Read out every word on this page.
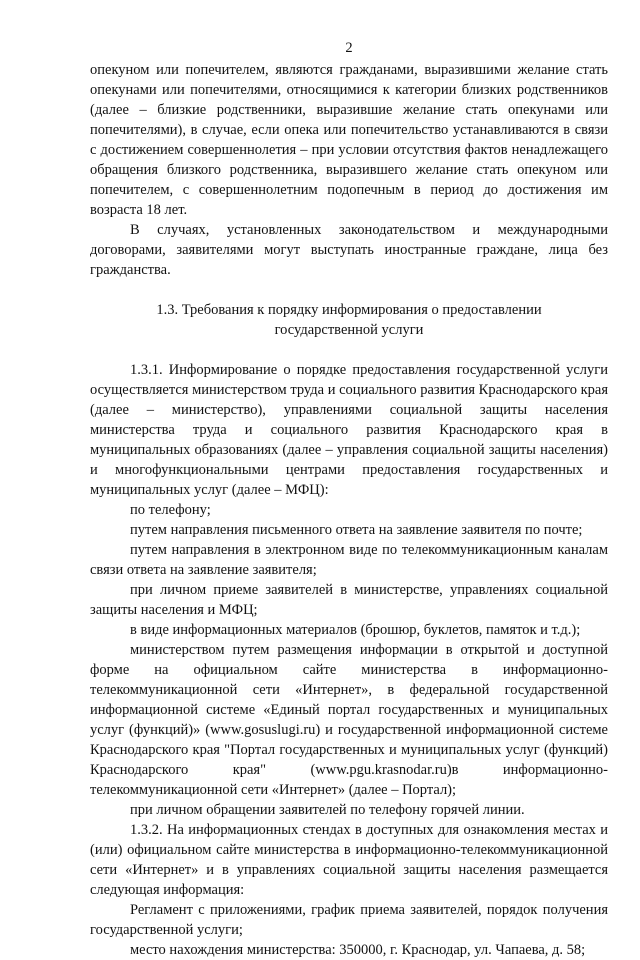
2

опекуном или попечителем, являются гражданами, выразившими желание стать опекунами или попечителями, относящимися к категории близких родственников (далее – близкие родственники, выразившие желание стать опекунами или попечителями), в случае, если опека или попечительство устанавливаются в связи с достижением совершеннолетия – при условии отсутствия фактов ненадлежащего обращения близкого родственника, выразившего желание стать опекуном или попечителем, с совершеннолетним подопечным в период до достижения им возраста 18 лет.

В случаях, установленных законодательством и международными договорами, заявителями могут выступать иностранные граждане, лица без гражданства.

1.3. Требования к порядку информирования о предоставлении государственной услуги

1.3.1. Информирование о порядке предоставления государственной услуги осуществляется министерством труда и социального развития Краснодарского края (далее – министерство), управлениями социальной защиты населения министерства труда и социального развития Краснодарского края в муниципальных образованиях (далее – управления социальной защиты населения) и многофункциональными центрами предоставления государственных и муниципальных услуг (далее – МФЦ):

по телефону;

путем направления письменного ответа на заявление заявителя по почте;

путем направления в электронном виде по телекоммуникационным каналам связи ответа на заявление заявителя;

при личном приеме заявителей в министерстве, управлениях социальной защиты населения и МФЦ;

в виде информационных материалов (брошюр, буклетов, памяток и т.д.);

министерством путем размещения информации в открытой и доступной форме на официальном сайте министерства в информационно-телекоммуникационной сети «Интернет», в федеральной государственной информационной системе «Единый портал государственных и муниципальных услуг (функций)» (www.gosuslugi.ru) и государственной информационной системе Краснодарского края "Портал государственных и муниципальных услуг (функций) Краснодарского края" (www.pgu.krasnodar.ru)в информационно-телекоммуникационной сети «Интернет» (далее – Портал);

при личном обращении заявителей по телефону горячей линии.

1.3.2. На информационных стендах в доступных для ознакомления местах и (или) официальном сайте министерства в информационно-телекоммуникационной сети «Интернет» и в управлениях социальной защиты населения размещается следующая информация:

Регламент с приложениями, график приема заявителей, порядок получения государственной услуги;

место нахождения министерства: 350000, г. Краснодар, ул. Чапаева, д. 58;
